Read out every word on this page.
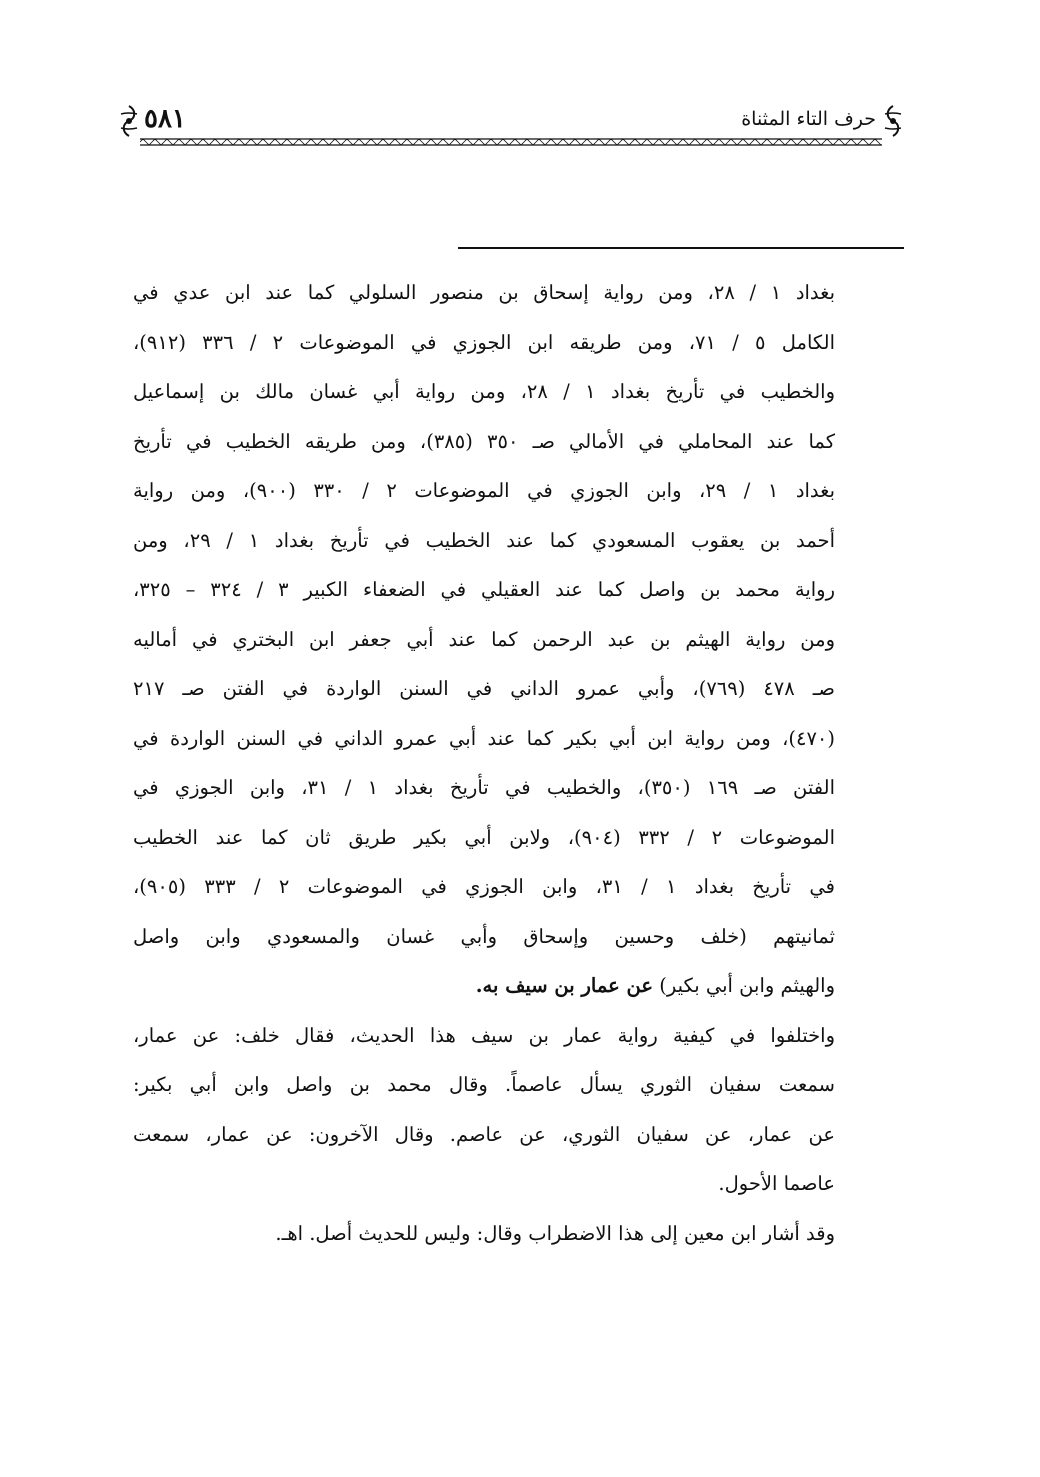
حرف التاء المثناة
٥٨١
بغداد ١ / ٢٨، ومن رواية إسحاق بن منصور السلولي كما عند ابن عدي في
الكامل ٥ / ٧١، ومن طريقه ابن الجوزي في الموضوعات ٢ / ٣٣٦ (٩١٢)،
والخطيب في تأريخ بغداد ١ / ٢٨، ومن رواية أبي غسان مالك بن إسماعيل
كما عند المحاملي في الأمالي صـ ٣٥٠ (٣٨٥)، ومن طريقه الخطيب في تأريخ
بغداد ١ / ٢٩، وابن الجوزي في الموضوعات ٢ / ٣٣٠ (٩٠٠)، ومن رواية
أحمد بن يعقوب المسعودي كما عند الخطيب في تأريخ بغداد ١ / ٢٩، ومن
رواية محمد بن واصل كما عند العقيلي في الضعفاء الكبير ٣ / ٣٢٤ – ٣٢٥،
ومن رواية الهيثم بن عبد الرحمن كما عند أبي جعفر ابن البختري في أماليه
صـ ٤٧٨ (٧٦٩)، وأبي عمرو الداني في السنن الواردة في الفتن صـ ٢١٧
(٤٧٠)، ومن رواية ابن أبي بكير كما عند أبي عمرو الداني في السنن الواردة في
الفتن صـ ١٦٩ (٣٥٠)، والخطيب في تأريخ بغداد ١ / ٣١، وابن الجوزي في
الموضوعات ٢ / ٣٣٢ (٩٠٤)، ولابن أبي بكير طريق ثان كما عند الخطيب
في تأريخ بغداد ١ / ٣١، وابن الجوزي في الموضوعات ٢ / ٣٣٣ (٩٠٥)،
ثمانيتهم (خلف وحسين وإسحاق وأبي غسان والمسعودي وابن واصل
والهيثم وابن أبي بكير) عن عمار بن سيف به.
واختلفوا في كيفية رواية عمار بن سيف هذا الحديث، فقال خلف: عن عمار،
سمعت سفيان الثوري يسأل عاصماً. وقال محمد بن واصل وابن أبي بكير:
عن عمار، عن سفيان الثوري، عن عاصم. وقال الآخرون: عن عمار، سمعت
عاصما الأحول.
وقد أشار ابن معين إلى هذا الاضطراب وقال: وليس للحديث أصل. اهـ.
